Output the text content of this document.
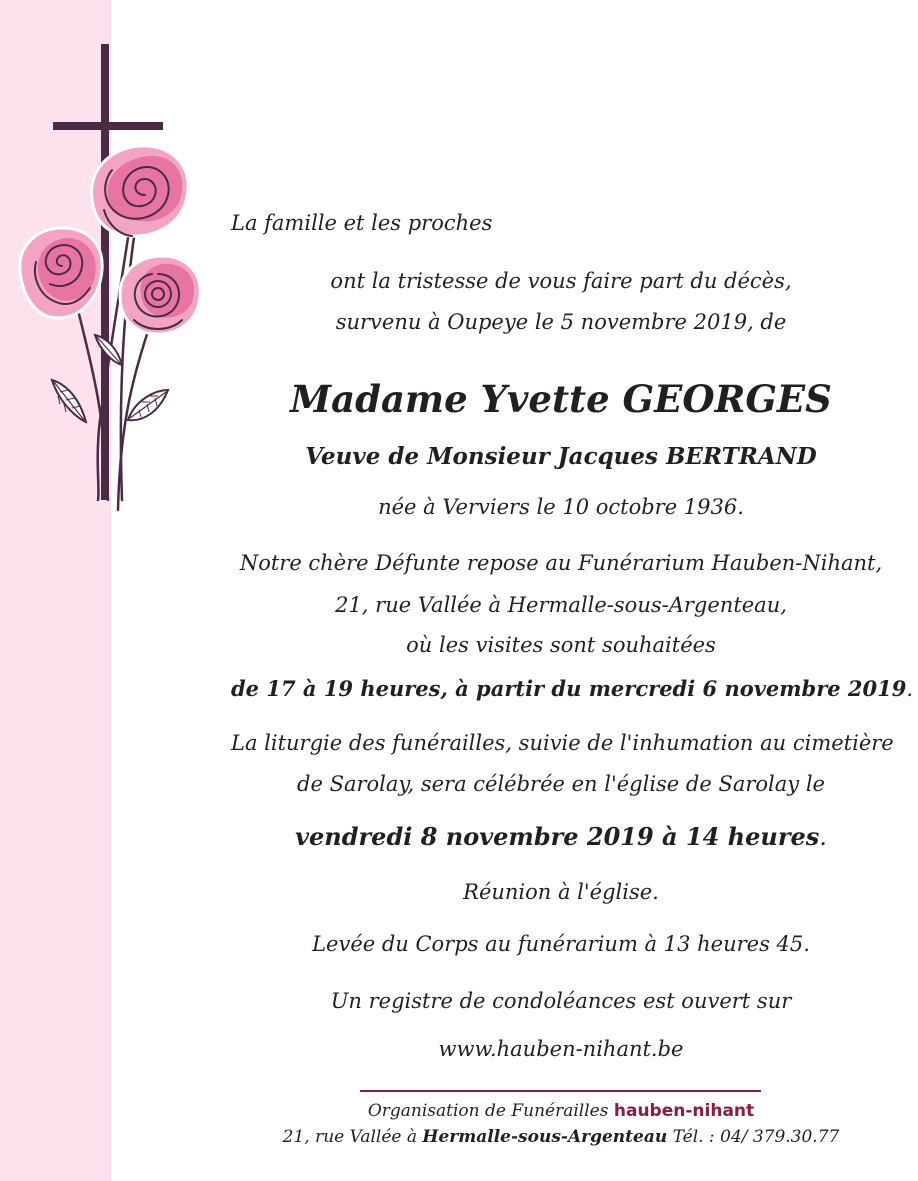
La famille et les proches
ont la tristesse de vous faire part du décès,
survenu à Oupeye le 5 novembre 2019, de
Madame Yvette GEORGES
Veuve de Monsieur Jacques BERTRAND
née à Verviers le 10 octobre 1936.
Notre chère Défunte repose au Funérarium Hauben-Nihant,
21, rue Vallée à Hermalle-sous-Argenteau,
où les visites sont souhaitées
de 17 à 19 heures, à partir du mercredi 6 novembre 2019.
La liturgie des funérailles, suivie de l'inhumation au cimetière
de Sarolay, sera célébrée en l'église de Sarolay le
vendredi 8 novembre 2019 à 14 heures.
Réunion à l'église.
Levée du Corps au funérarium à 13 heures 45.
Un registre de condoléances est ouvert sur
www.hauben-nihant.be
Organisation de Funérailles hauben-nihant
21, rue Vallée à Hermalle-sous-Argenteau Tél. : 04/ 379.30.77
